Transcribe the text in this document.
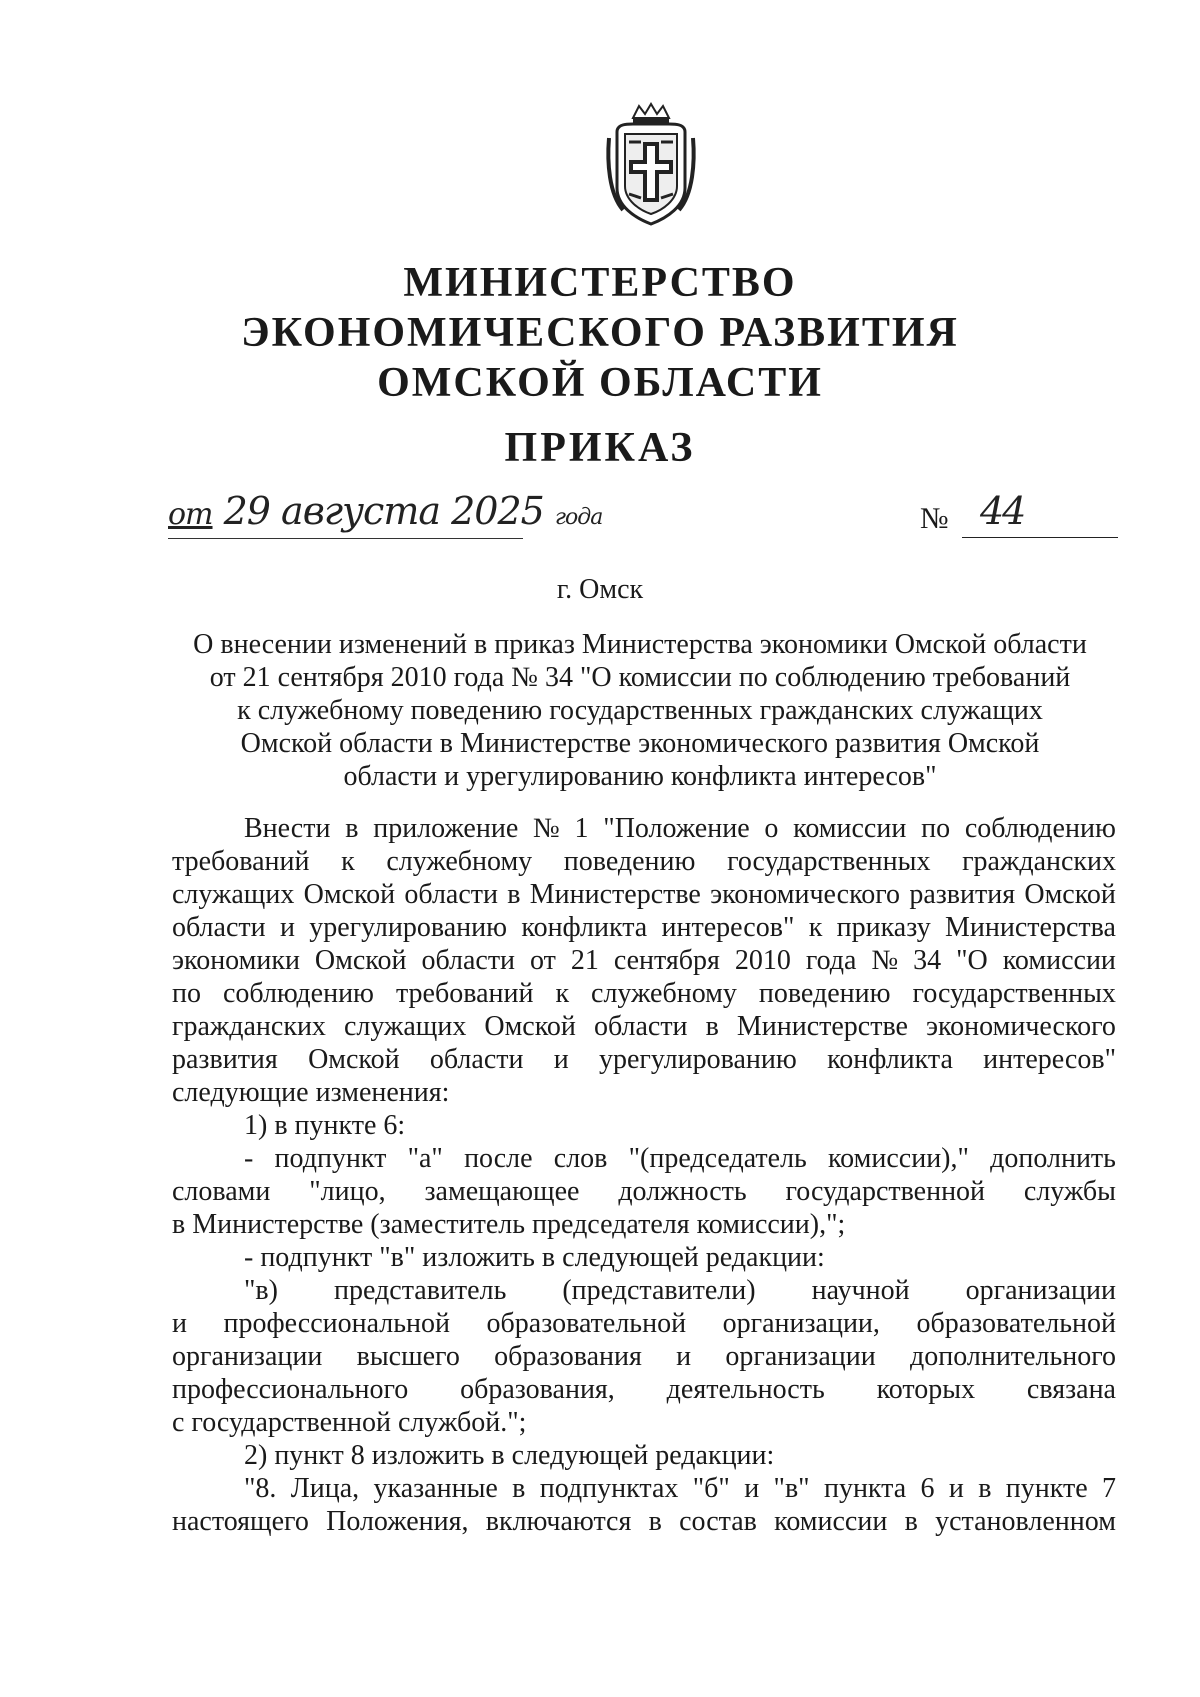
МИНИСТЕРСТВО
ЭКОНОМИЧЕСКОГО РАЗВИТИЯ
ОМСКОЙ ОБЛАСТИ
ПРИКАЗ
от 29 августа 2025 года	№ 44
г. Омск
О внесении изменений в приказ Министерства экономики Омской области
от 21 сентября 2010 года № 34 "О комиссии по соблюдению требований
к служебному поведению государственных гражданских служащих
Омской области в Министерстве экономического развития Омской
области и урегулированию конфликта интересов"
Внести в приложение № 1 "Положение о комиссии по соблюдению
требований к служебному поведению государственных гражданских
служащих Омской области в Министерстве экономического развития Омской
области и урегулированию конфликта интересов" к приказу Министерства
экономики Омской области от 21 сентября 2010 года № 34 "О комиссии
по соблюдению требований к служебному поведению государственных
гражданских служащих Омской области в Министерстве экономического
развития Омской области и урегулированию конфликта интересов"
следующие изменения:
1) в пункте 6:
- подпункт "а" после слов "(председатель комиссии)," дополнить
словами "лицо, замещающее должность государственной службы
в Министерстве (заместитель председателя комиссии),";
- подпункт "в" изложить в следующей редакции:
"в) представитель (представители) научной организации
и профессиональной образовательной организации, образовательной
организации высшего образования и организации дополнительного
профессионального образования, деятельность которых связана
с государственной службой.";
2) пункт 8 изложить в следующей редакции:
"8. Лица, указанные в подпунктах "б" и "в" пункта 6 и в пункте 7
настоящего Положения, включаются в состав комиссии в установленном
